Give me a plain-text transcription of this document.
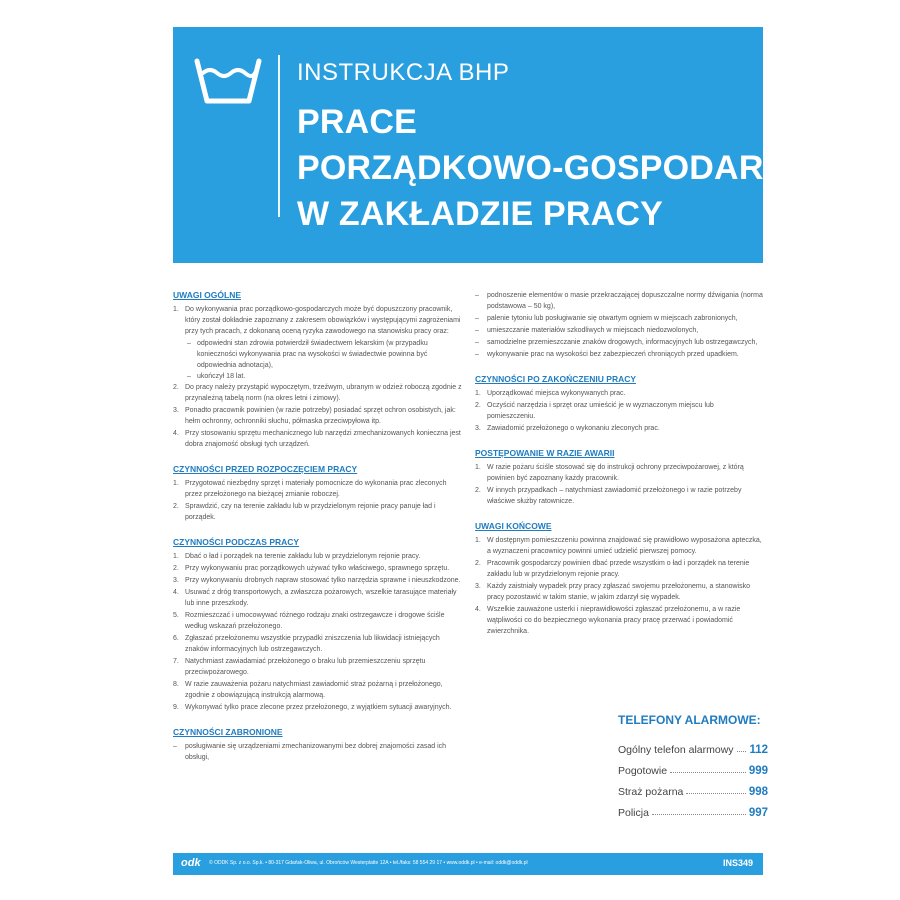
INSTRUKCJA BHP
PRACE
PORZĄDKOWO-GOSPODARCZE
W ZAKŁADZIE PRACY
UWAGI OGÓLNE
1. Do wykonywania prac porządkowo-gospodarczych może być dopuszczony pracownik, który został dokładnie zapoznany z zakresem obowiązków i występującymi zagrożeniami przy tych pracach, z dokonaną oceną ryzyka zawodowego na stanowisku pracy oraz:
– odpowiedni stan zdrowia potwierdził świadectwem lekarskim (w przypadku konieczności wykonywania prac na wysokości w świadectwie powinna być odpowiednia adnotacja),
– ukończył 18 lat.
2. Do pracy należy przystąpić wypoczętym, trzeźwym, ubranym w odzież roboczą zgodnie z przynależną tabelą norm (na okres letni i zimowy).
3. Ponadto pracownik powinien (w razie potrzeby) posiadać sprzęt ochron osobistych, jak: hełm ochronny, ochronniki słuchu, półmaska przeciwpyłowa itp.
4. Przy stosowaniu sprzętu mechanicznego lub narzędzi zmechanizowanych konieczna jest dobra znajomość obsługi tych urządzeń.
CZYNNOŚCI PRZED ROZPOCZĘCIEM PRACY
1. Przygotować niezbędny sprzęt i materiały pomocnicze do wykonania prac zleconych przez przełożonego na bieżącej zmianie roboczej.
2. Sprawdzić, czy na terenie zakładu lub w przydzielonym rejonie pracy panuje ład i porządek.
CZYNNOŚCI PODCZAS PRACY
1. Dbać o ład i porządek na terenie zakładu lub w przydzielonym rejonie pracy.
2. Przy wykonywaniu prac porządkowych używać tylko właściwego, sprawnego sprzętu.
3. Przy wykonywaniu drobnych napraw stosować tylko narzędzia sprawne i nieuszkodzone.
4. Usuwać z dróg transportowych, a zwłaszcza pożarowych, wszelkie tarasujące materiały lub inne przeszkody.
5. Rozmieszczać i umocowywać różnego rodzaju znaki ostrzegawcze i drogowe ściśle według wskazań przełożonego.
6. Zgłaszać przełożonemu wszystkie przypadki zniszczenia lub likwidacji istniejących znaków informacyjnych lub ostrzegawczych.
7. Natychmiast zawiadamiać przełożonego o braku lub przemieszczeniu sprzętu przeciwpożarowego.
8. W razie zauważenia pożaru natychmiast zawiadomić straż pożarną i przełożonego, zgodnie z obowiązującą instrukcją alarmową.
9. Wykonywać tylko prace zlecone przez przełożonego, z wyjątkiem sytuacji awaryjnych.
CZYNNOŚCI ZABRONIONE
–	posługiwanie się urządzeniami zmechanizowanymi bez dobrej znajomości zasad ich obsługi,
–	podnoszenie elementów o masie przekraczającej dopuszczalne normy dźwigania (norma podstawowa – 50 kg),
–	palenie tytoniu lub posługiwanie się otwartym ogniem w miejscach zabronionych,
–	umieszczanie materiałów szkodliwych w miejscach niedozwolonych,
–	samodzielne przemieszczanie znaków drogowych, informacyjnych lub ostrzegawczych,
–	wykonywanie prac na wysokości bez zabezpieczeń chroniących przed upadkiem.
CZYNNOŚCI PO ZAKOŃCZENIU PRACY
1. Uporządkować miejsca wykonywanych prac.
2. Oczyścić narzędzia i sprzęt oraz umieścić je w wyznaczonym miejscu lub pomieszczeniu.
3. Zawiadomić przełożonego o wykonaniu zleconych prac.
POSTĘPOWANIE W RAZIE AWARII
1. W razie pożaru ściśle stosować się do instrukcji ochrony przeciwpożarowej, z którą powinien być zapoznany każdy pracownik.
2. W innych przypadkach – natychmiast zawiadomić przełożonego i w razie potrzeby właściwe służby ratownicze.
UWAGI KOŃCOWE
1. W dostępnym pomieszczeniu powinna znajdować się prawidłowo wyposażona apteczka, a wyznaczeni pracownicy powinni umieć udzielić pierwszej pomocy.
2. Pracownik gospodarczy powinien dbać przede wszystkim o ład i porządek na terenie zakładu lub w przydzielonym rejonie pracy.
3. Każdy zaistniały wypadek przy pracy zgłaszać swojemu przełożonemu, a stanowisko pracy pozostawić w takim stanie, w jakim zdarzył się wypadek.
4. Wszelkie zauważone usterki i nieprawidłowości zgłaszać przełożonemu, a w razie wątpliwości co do bezpiecznego wykonania pracy pracę przerwać i powiadomić zwierzchnika.
TELEFONY ALARMOWE:
Ogólny telefon alarmowy 112
Pogotowie	999
Straż pożarna	998
Policja	997
odk © ODDK Sp. z o.o. Sp.k. • 80-317 Gdańsk-Oliwa, ul. Obrońców Westerplatte 12A • tel./faks: 58 554 29 17 • www.oddk.pl • e-mail: oddk@oddk.pl	INS349
